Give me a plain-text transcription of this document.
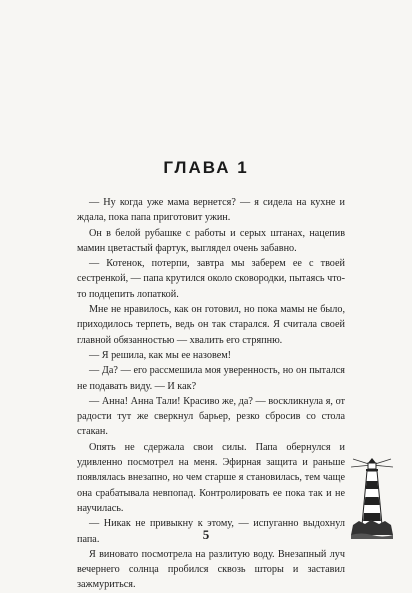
ГЛАВА 1

— Ну когда уже мама вернется? — я сидела на кухне и ждала, пока папа приготовит ужин.

Он в белой рубашке с работы и серых штанах, нацепив мамин цветастый фартук, выглядел очень забавно.

— Котенок, потерпи, завтра мы заберем ее с твоей сестренкой, — папа крутился около сковородки, пытаясь что-то подцепить лопаткой.

Мне не нравилось, как он готовил, но пока мамы не было, приходилось терпеть, ведь он так старался. Я считала своей главной обязанностью — хвалить его стряпню.

— Я решила, как мы ее назовем!

— Да? — его рассмешила моя уверенность, но он пытался не подавать виду. — И как?

— Анна! Анна Тали! Красиво же, да? — воскликнула я, от радости тут же сверкнул барьер, резко сбросив со стола стакан.

Опять не сдержала свои силы. Папа обернулся и удивленно посмотрел на меня. Эфирная защита и раньше появлялась внезапно, но чем старше я становилась, тем чаще она срабатывала невпопад. Контролировать ее пока так и не научилась.

— Никак не привыкну к этому, — испуганно выдохнул папа.

Я виновато посмотрела на разлитую воду. Внезапный луч вечернего солнца пробился сквозь шторы и заставил зажмуриться.

5
